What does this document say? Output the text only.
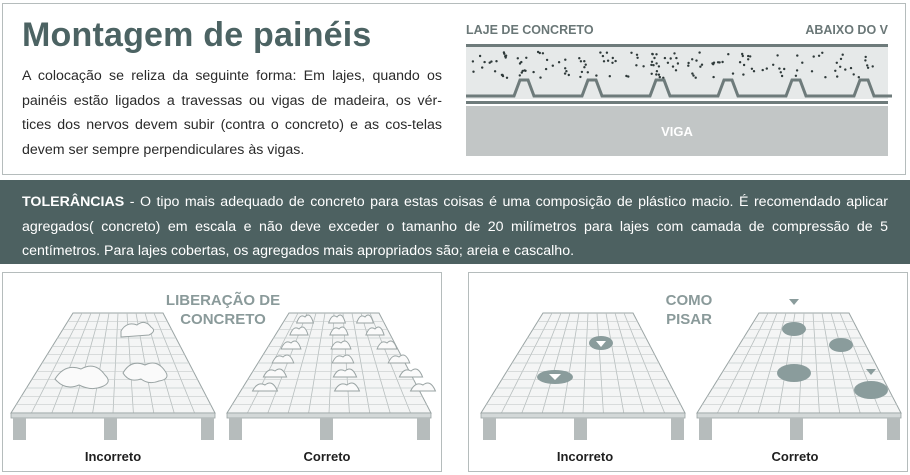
Montagem de painéis

A colocação se reliza da seguinte forma: Em lajes, quando os painéis estão ligados a travessas ou vigas de madeira, os vér-tices dos nervos devem subir (contra o concreto) e as cos-telas devem ser sempre perpendiculares às vigas.

LAJE DE CONCRETO	ABAIXO DO V
VIGA

TOLERÂNCIAS - O tipo mais adequado de concreto para estas coisas é uma composição de plástico macio. É recomendado aplicar agregados( concreto) em escala e não deve exceder o tamanho de 20 milímetros para lajes com camada de compressão de 5 centímetros. Para lajes cobertas, os agregados mais apropriados são; areia e cascalho.

LIBERAÇÃO DE
CONCRETO

Incorreto	Correto

COMO
PISAR

Incorreto	Correto
